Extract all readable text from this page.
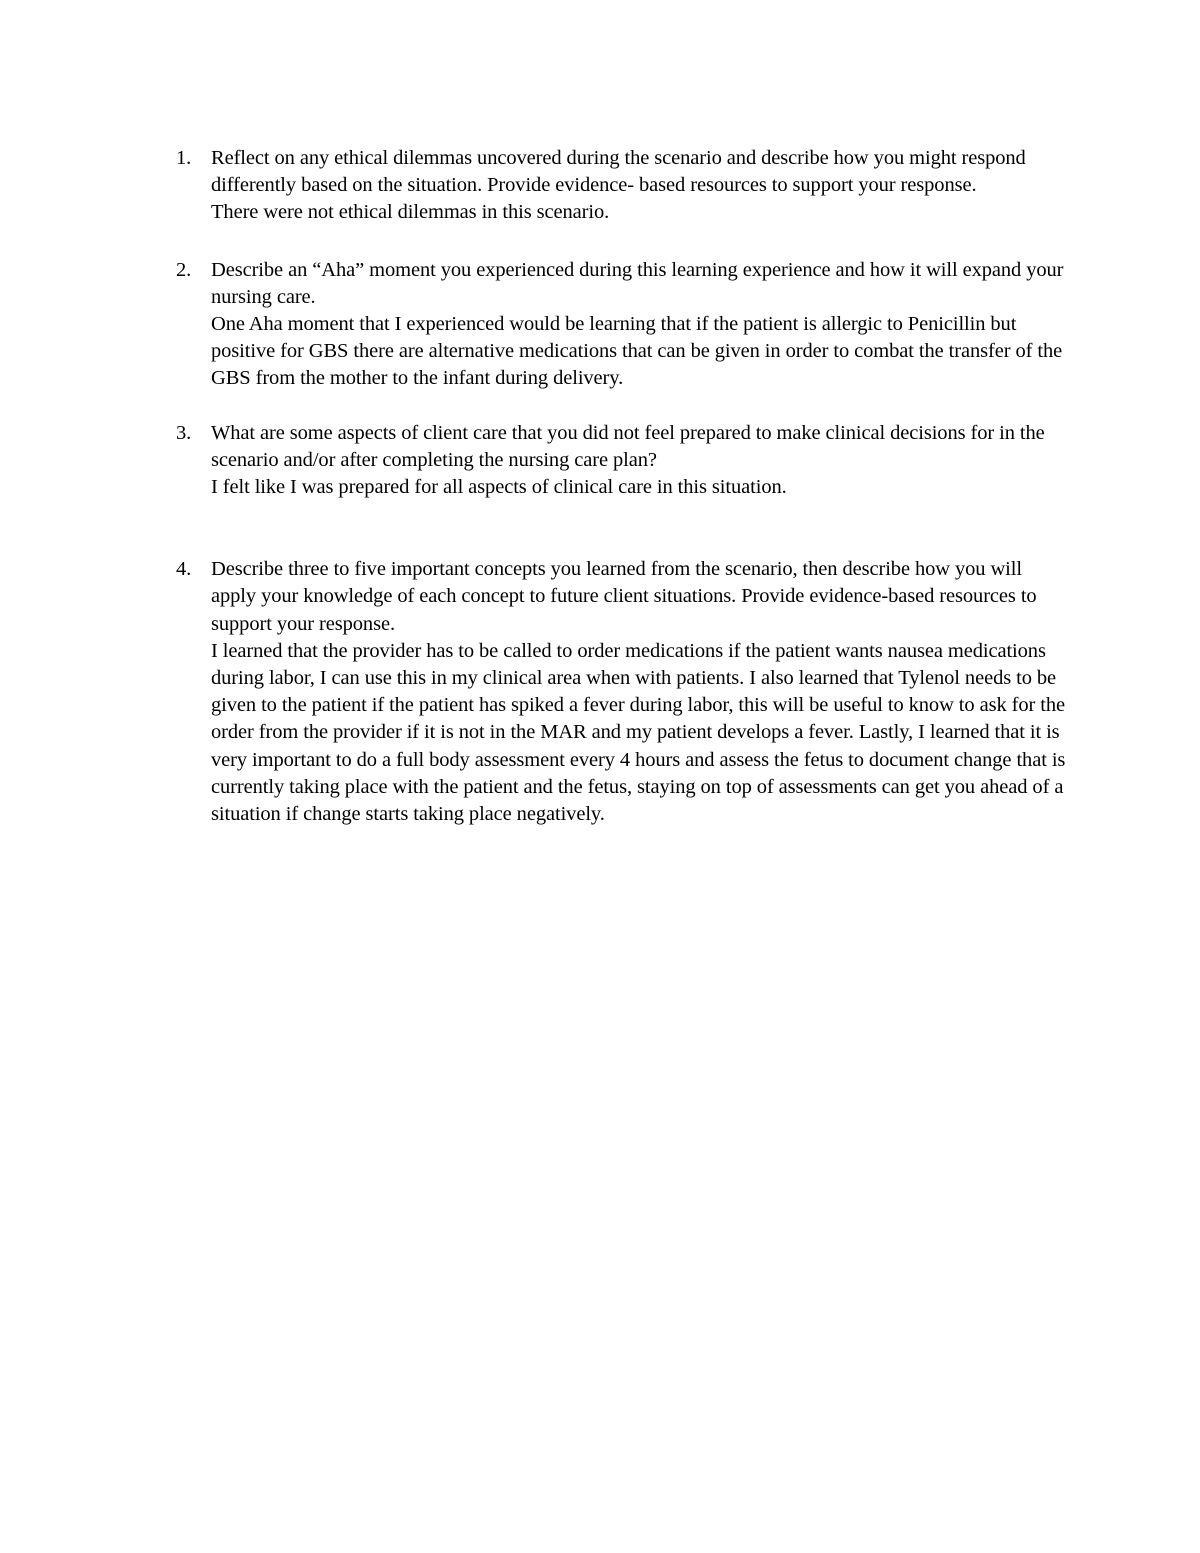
1. Reflect on any ethical dilemmas uncovered during the scenario and describe how you might respond differently based on the situation. Provide evidence- based resources to support your response.
There were not ethical dilemmas in this scenario.
2. Describe an “Aha” moment you experienced during this learning experience and how it will expand your nursing care.
One Aha moment that I experienced would be learning that if the patient is allergic to Penicillin but positive for GBS there are alternative medications that can be given in order to combat the transfer of the GBS from the mother to the infant during delivery.
3. What are some aspects of client care that you did not feel prepared to make clinical decisions for in the scenario and/or after completing the nursing care plan?
I felt like I was prepared for all aspects of clinical care in this situation.
4. Describe three to five important concepts you learned from the scenario, then describe how you will apply your knowledge of each concept to future client situations. Provide evidence-based resources to support your response.
I learned that the provider has to be called to order medications if the patient wants nausea medications during labor, I can use this in my clinical area when with patients. I also learned that Tylenol needs to be given to the patient if the patient has spiked a fever during labor, this will be useful to know to ask for the order from the provider if it is not in the MAR and my patient develops a fever. Lastly, I learned that it is very important to do a full body assessment every 4 hours and assess the fetus to document change that is currently taking place with the patient and the fetus, staying on top of assessments can get you ahead of a situation if change starts taking place negatively.
